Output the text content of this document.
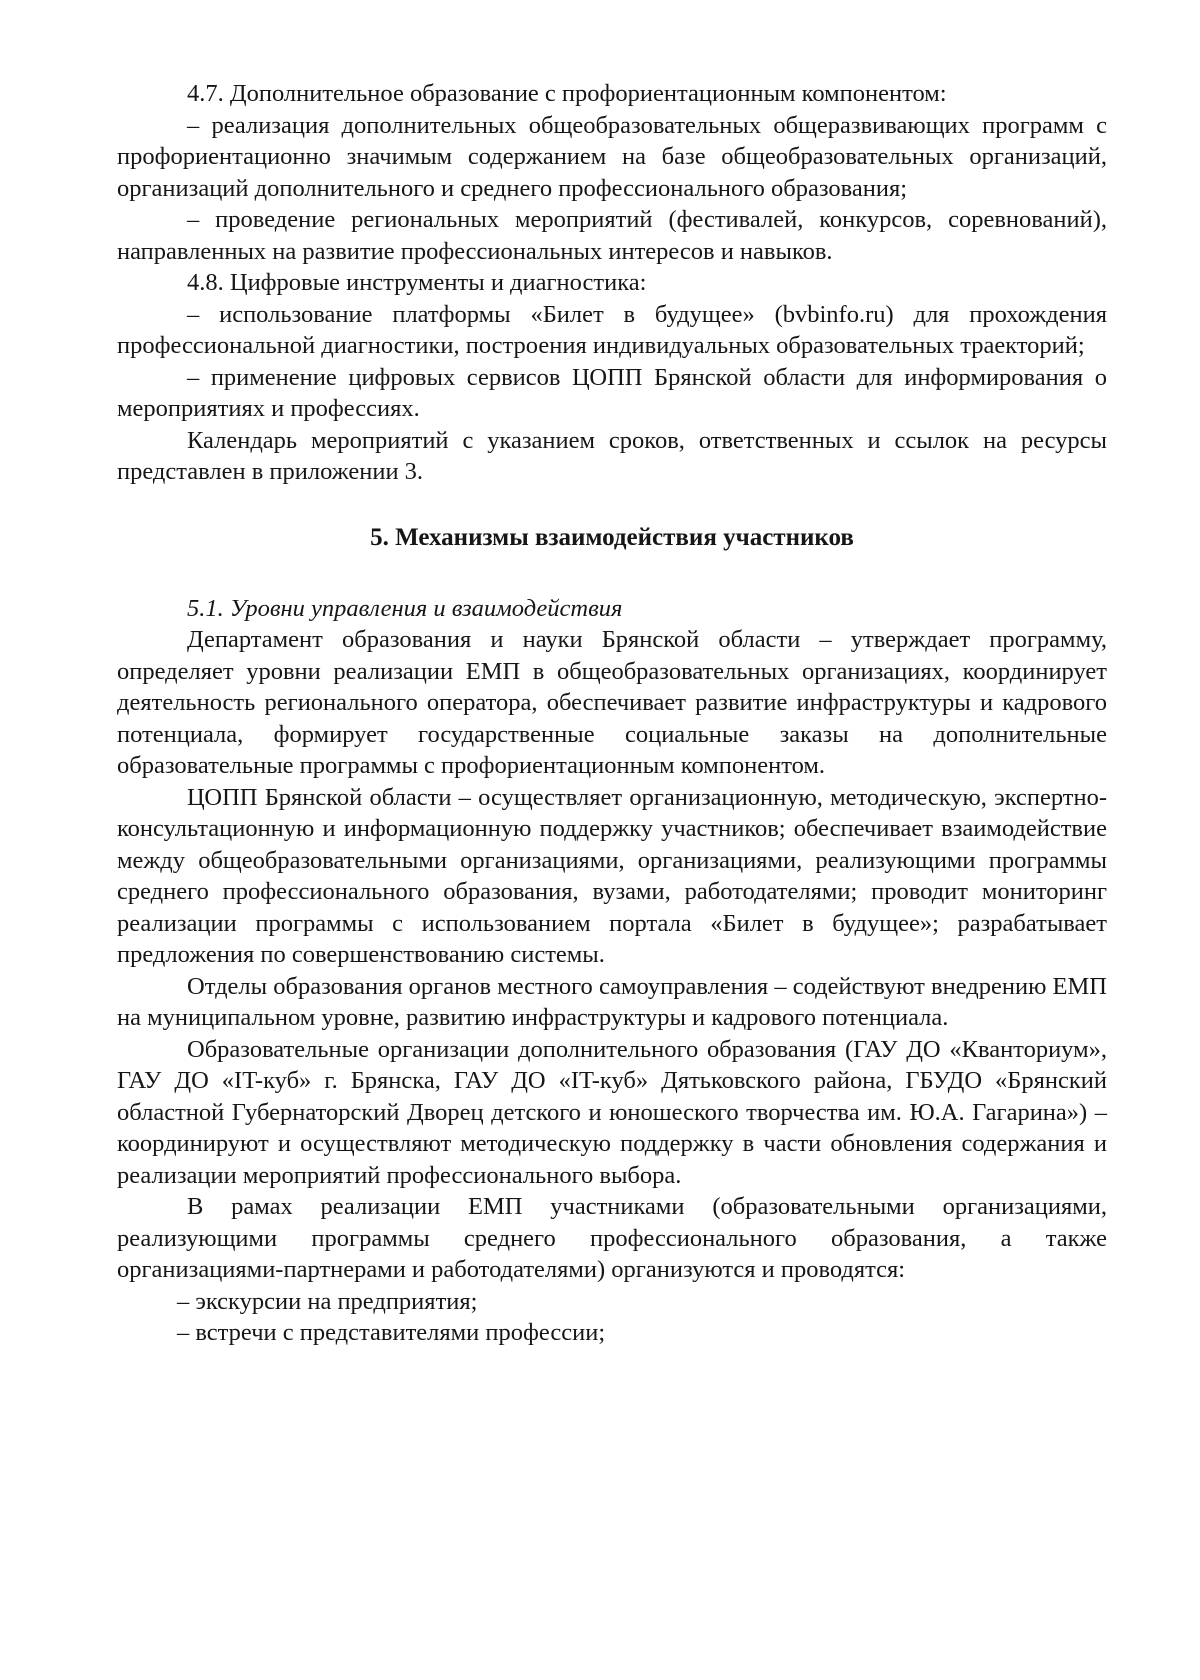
4.7. Дополнительное образование с профориентационным компонентом:

– реализация дополнительных общеобразовательных общеразвивающих программ с профориентационно значимым содержанием на базе общеобразовательных организаций, организаций дополнительного и среднего профессионального образования;

– проведение региональных мероприятий (фестивалей, конкурсов, соревнований), направленных на развитие профессиональных интересов и навыков.

4.8. Цифровые инструменты и диагностика:

– использование платформы «Билет в будущее» (bvbinfo.ru) для прохождения профессиональной диагностики, построения индивидуальных образовательных траекторий;

– применение цифровых сервисов ЦОПП Брянской области для информирования о мероприятиях и профессиях.

Календарь мероприятий с указанием сроков, ответственных и ссылок на ресурсы представлен в приложении 3.

5. Механизмы взаимодействия участников

5.1. Уровни управления и взаимодействия

Департамент образования и науки Брянской области – утверждает программу, определяет уровни реализации ЕМП в общеобразовательных организациях, координирует деятельность регионального оператора, обеспечивает развитие инфраструктуры и кадрового потенциала, формирует государственные социальные заказы на дополнительные образовательные программы с профориентационным компонентом.

ЦОПП Брянской области – осуществляет организационную, методическую, экспертно-консультационную и информационную поддержку участников; обеспечивает взаимодействие между общеобразовательными организациями, организациями, реализующими программы среднего профессионального образования, вузами, работодателями; проводит мониторинг реализации программы с использованием портала «Билет в будущее»; разрабатывает предложения по совершенствованию системы.

Отделы образования органов местного самоуправления – содействуют внедрению ЕМП на муниципальном уровне, развитию инфраструктуры и кадрового потенциала.

Образовательные организации дополнительного образования (ГАУ ДО «Кванториум», ГАУ ДО «IT-куб» г. Брянска, ГАУ ДО «IT-куб» Дятьковского района, ГБУДО «Брянский областной Губернаторский Дворец детского и юношеского творчества им. Ю.А. Гагарина») – координируют и осуществляют методическую поддержку в части обновления содержания и реализации мероприятий профессионального выбора.

В рамах реализации ЕМП участниками (образовательными организациями, реализующими программы среднего профессионального образования, а также организациями-партнерами и работодателями) организуются и проводятся:

– экскурсии на предприятия;

– встречи с представителями профессии;
